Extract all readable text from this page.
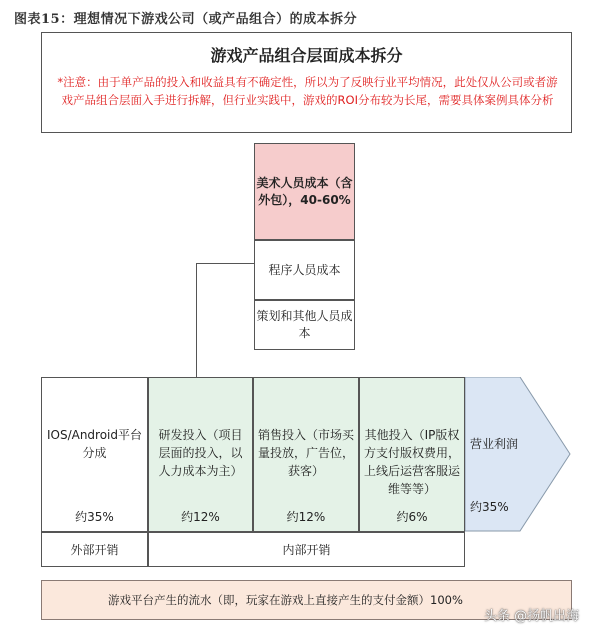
图表15：理想情况下游戏公司（或产品组合）的成本拆分
游戏产品组合层面成本拆分
*注意：由于单产品的投入和收益具有不确定性，所以为了反映行业平均情况，此处仅从公司或者游戏产品组合层面入手进行拆解，但行业实践中，游戏的ROI分布较为长尾，需要具体案例具体分析
美术人员成本（含外包），40-60%
程序人员成本
策划和其他人员成本
IOS/Android平台分成
约35%
研发投入（项目层面的投入，以人力成本为主）
约12%
销售投入（市场买量投放，广告位，获客）
约12%
其他投入（IP版权方支付版权费用，上线后运营客服运维等等）
约6%
营业利润
约35%
外部开销	内部开销
游戏平台产生的流水（即，玩家在游戏上直接产生的支付金额）100%
头条 @扬帆出海
